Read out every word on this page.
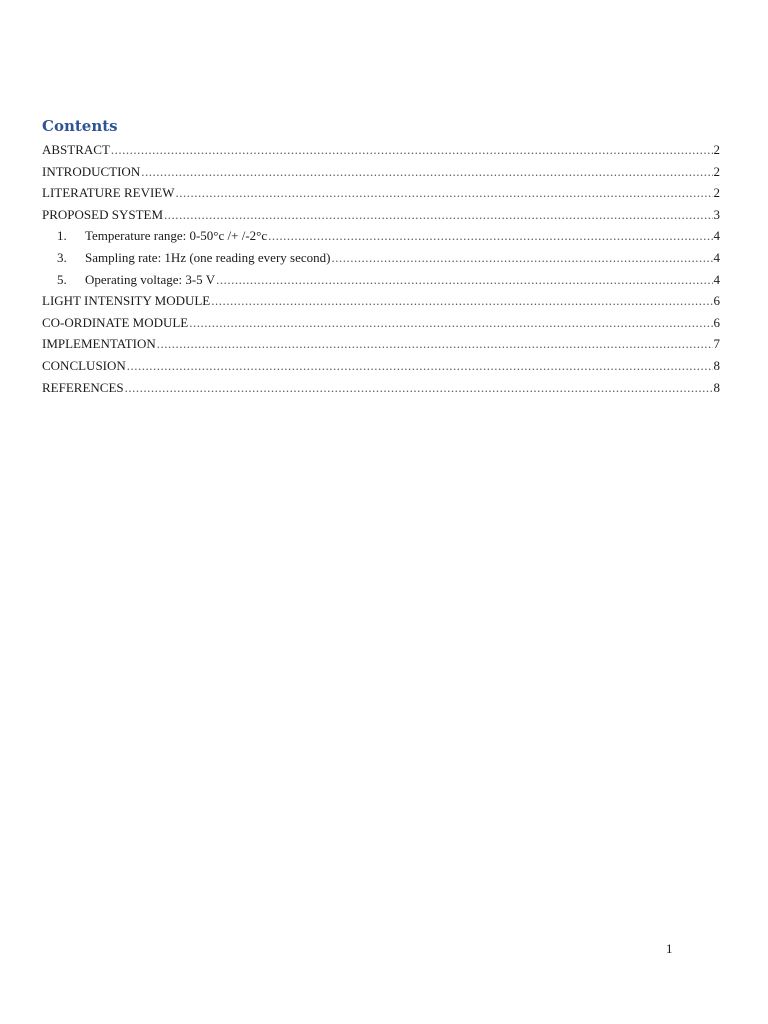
Contents
ABSTRACT .....	2
INTRODUCTION .....	2
LITERATURE REVIEW .....	2
PROPOSED SYSTEM .....	3
1.	Temperature range: 0-50°c /+ /-2°c .....	4
3.	Sampling rate: 1Hz (one reading every second) .....	4
5.	Operating voltage: 3-5 V .....	4
LIGHT INTENSITY MODULE .....	6
CO-ORDINATE MODULE .....	6
IMPLEMENTATION .....	7
CONCLUSION .....	8
REFERENCES .....	8
1
